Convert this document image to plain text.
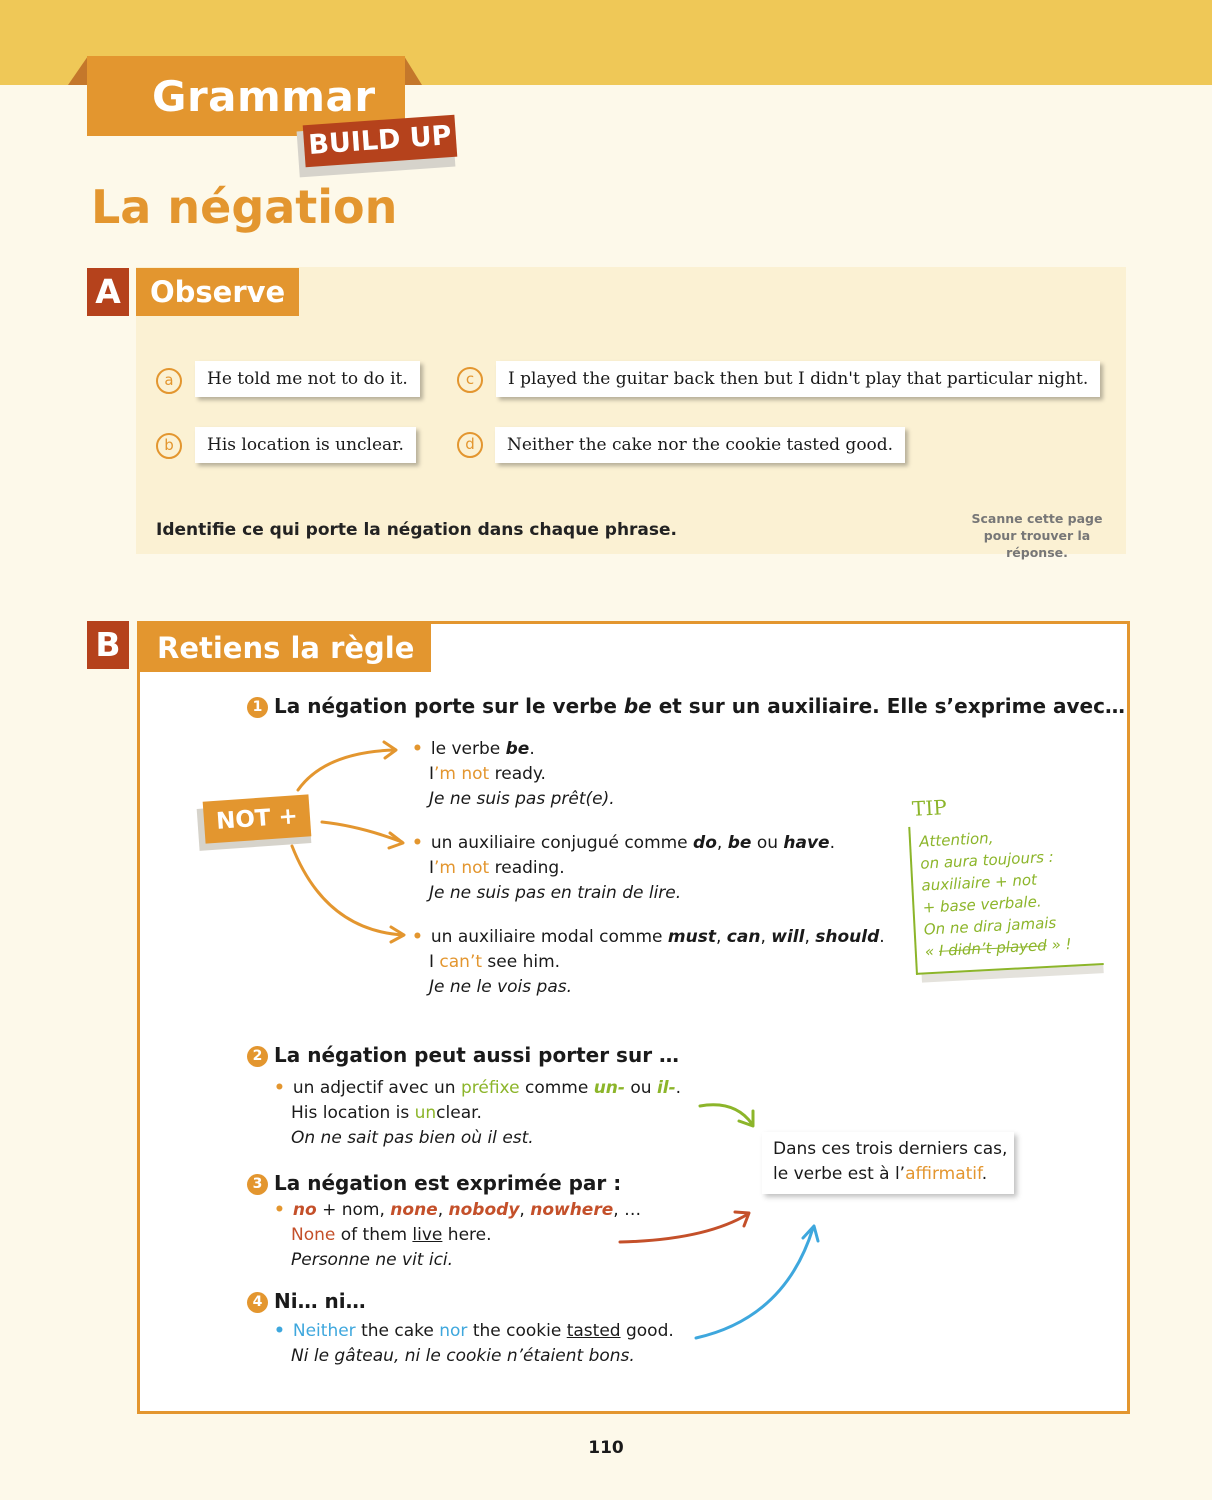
Grammar
BUILD UP
La négation
A	Observe
a	He told me not to do it.
b	His location is unclear.
c	I played the guitar back then but I didn't play that particular night.
d	Neither the cake nor the cookie tasted good.
Identifie ce qui porte la négation dans chaque phrase.
Scanne cette page
pour trouver la réponse.
B	Retiens la règle
1 La négation porte sur le verbe be et sur un auxiliaire. Elle s’exprime avec…
NOT +
• le verbe be.
I’m not ready.
Je ne suis pas prêt(e).
• un auxiliaire conjugué comme do, be ou have.
I’m not reading.
Je ne suis pas en train de lire.
• un auxiliaire modal comme must, can, will, should.
I can’t see him.
Je ne le vois pas.
TIP
Attention,
on aura toujours :
auxiliaire + not
+ base verbale.
On ne dira jamais
« I didn’t played » !
2 La négation peut aussi porter sur …
• un adjectif avec un préfixe comme un- ou il-.
His location is unclear.
On ne sait pas bien où il est.
3 La négation est exprimée par :
• no + nom, none, nobody, nowhere, …
None of them live here.
Personne ne vit ici.
4 Ni… ni…
• Neither the cake nor the cookie tasted good.
Ni le gâteau, ni le cookie n’étaient bons.
Dans ces trois derniers cas,
le verbe est à l’affirmatif.
110
